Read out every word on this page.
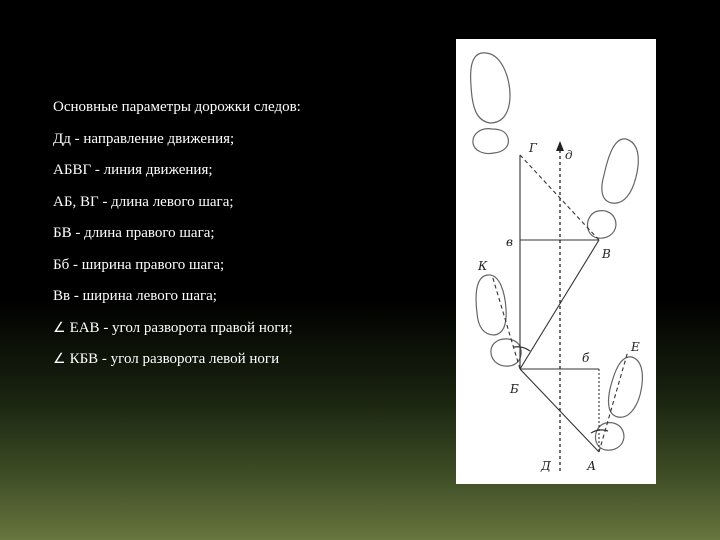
Основные параметры дорожки следов:

Дд - направление движения;

АБВГ - линия движения;

АБ, ВГ - длина левого шага;

БВ - длина правого шага;

Бб - ширина правого шага;

Вв - ширина левого шага;

∠ ЕАВ - угол разворота правой ноги;

∠ КБВ - угол разворота левой ноги

Г д
в
В
К
Е
б
Б
Д	А
